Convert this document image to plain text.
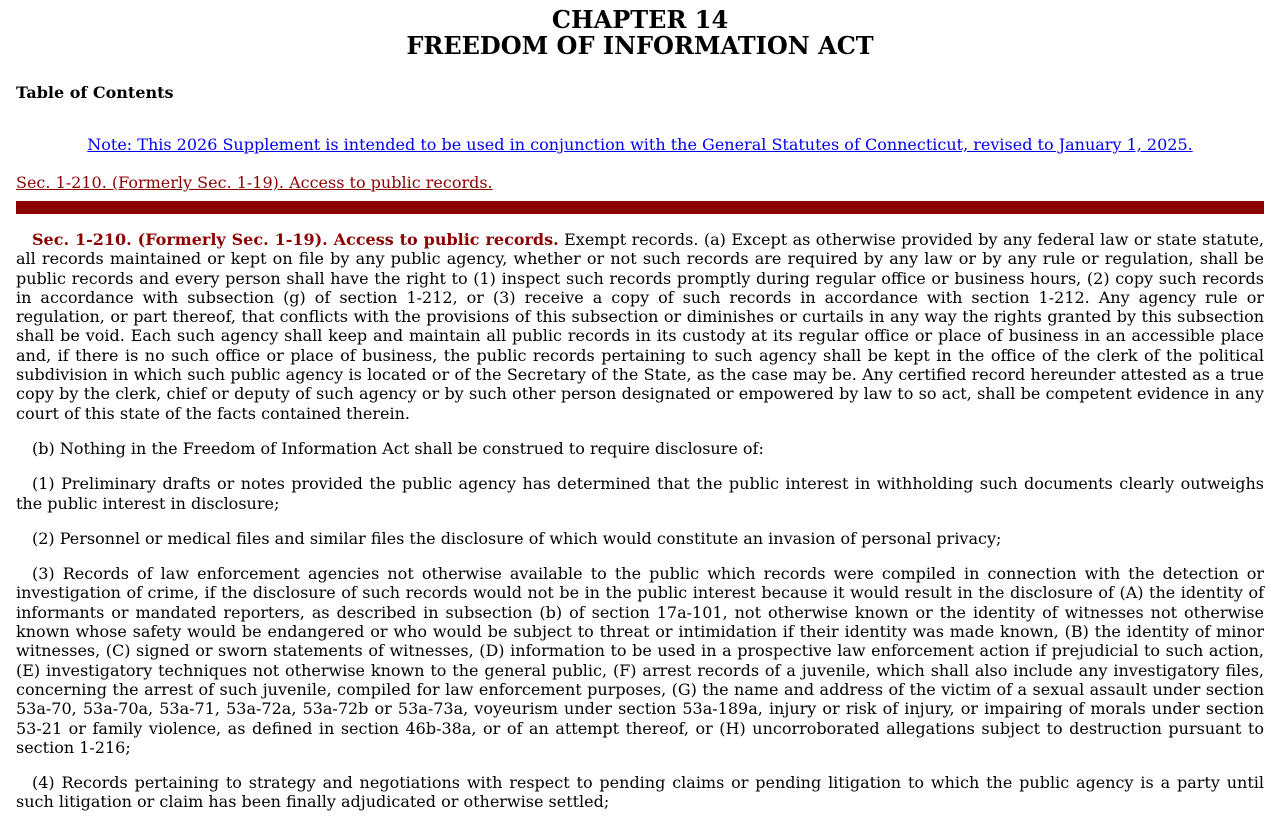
CHAPTER 14
FREEDOM OF INFORMATION ACT
Table of Contents
Note: This 2026 Supplement is intended to be used in conjunction with the General Statutes of Connecticut, revised to January 1, 2025.
Sec. 1-210. (Formerly Sec. 1-19). Access to public records.

Sec. 1-210. (Formerly Sec. 1-19). Access to public records. Exempt records. (a) Except as otherwise provided by any federal law or state statute, all records maintained or kept on file by any public agency, whether or not such records are required by any law or by any rule or regulation, shall be public records and every person shall have the right to (1) inspect such records promptly during regular office or business hours, (2) copy such records in accordance with subsection (g) of section 1-212, or (3) receive a copy of such records in accordance with section 1-212. Any agency rule or regulation, or part thereof, that conflicts with the provisions of this subsection or diminishes or curtails in any way the rights granted by this subsection shall be void. Each such agency shall keep and maintain all public records in its custody at its regular office or place of business in an accessible place and, if there is no such office or place of business, the public records pertaining to such agency shall be kept in the office of the clerk of the political subdivision in which such public agency is located or of the Secretary of the State, as the case may be. Any certified record hereunder attested as a true copy by the clerk, chief or deputy of such agency or by such other person designated or empowered by law to so act, shall be competent evidence in any court of this state of the facts contained therein.

(b) Nothing in the Freedom of Information Act shall be construed to require disclosure of:

(1) Preliminary drafts or notes provided the public agency has determined that the public interest in withholding such documents clearly outweighs the public interest in disclosure;

(2) Personnel or medical files and similar files the disclosure of which would constitute an invasion of personal privacy;

(3) Records of law enforcement agencies not otherwise available to the public which records were compiled in connection with the detection or investigation of crime, if the disclosure of such records would not be in the public interest because it would result in the disclosure of (A) the identity of informants or mandated reporters, as described in subsection (b) of section 17a-101, not otherwise known or the identity of witnesses not otherwise known whose safety would be endangered or who would be subject to threat or intimidation if their identity was made known, (B) the identity of minor witnesses, (C) signed or sworn statements of witnesses, (D) information to be used in a prospective law enforcement action if prejudicial to such action, (E) investigatory techniques not otherwise known to the general public, (F) arrest records of a juvenile, which shall also include any investigatory files, concerning the arrest of such juvenile, compiled for law enforcement purposes, (G) the name and address of the victim of a sexual assault under section 53a-70, 53a-70a, 53a-71, 53a-72a, 53a-72b or 53a-73a, voyeurism under section 53a-189a, injury or risk of injury, or impairing of morals under section 53-21 or family violence, as defined in section 46b-38a, or of an attempt thereof, or (H) uncorroborated allegations subject to destruction pursuant to section 1-216;

(4) Records pertaining to strategy and negotiations with respect to pending claims or pending litigation to which the public agency is a party until such litigation or claim has been finally adjudicated or otherwise settled;
